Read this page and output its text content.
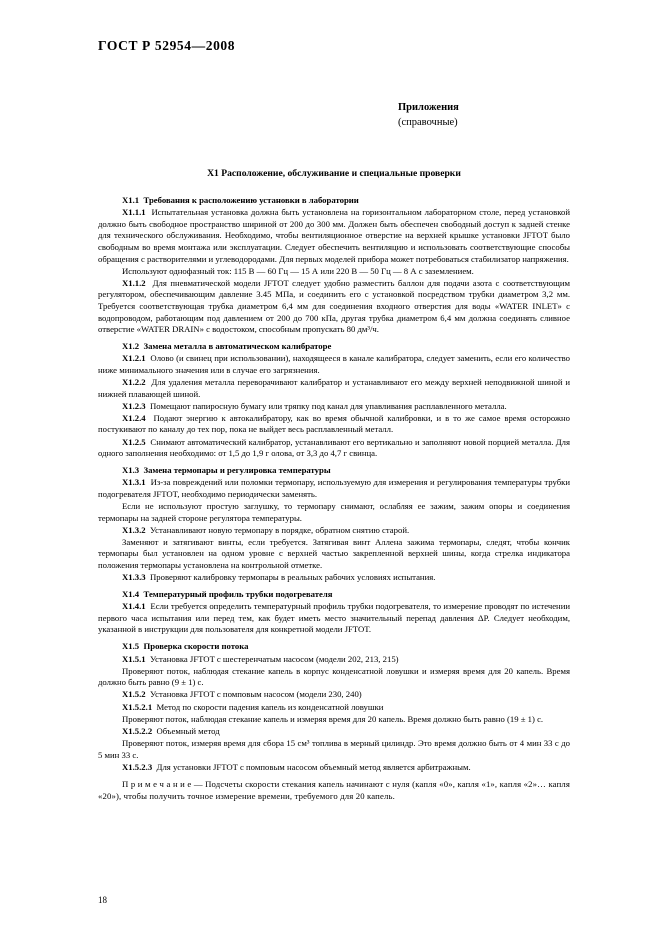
ГОСТ Р 52954—2008
Приложения
(справочные)
X1 Расположение, обслуживание и специальные проверки

X1.1 Требования к расположению установки в лаборатории

X1.1.1 Испытательная установка должна быть установлена на горизонтальном лабораторном столе, перед установкой должно быть свободное пространство шириной от 200 до 300 мм. Должен быть обеспечен свободный доступ к задней стенке для технического обслуживания. Необходимо, чтобы вентиляционное отверстие на верхней крышке установки JFTOT было свободным во время монтажа или эксплуатации. Следует обеспечить вентиляцию и использовать соответствующие способы обращения с растворителями и углеводородами. Для первых моделей прибора может потребоваться стабилизатор напряжения.

Используют однофазный ток: 115 В — 60 Гц — 15 А или 220 В — 50 Гц — 8 А с заземлением.

X1.1.2 Для пневматической модели JFTOT следует удобно разместить баллон для подачи азота с соответствующим регулятором, обеспечивающим давление 3.45 МПа, и соединить его с установкой посредством трубки диаметром 3,2 мм. Требуется соответствующая трубка диаметром 6,4 мм для соединения входного отверстия для воды «WATER INLET» с водопроводом, работающим под давлением от 200 до 700 кПа, другая трубка диаметром 6,4 мм должна соединять сливное отверстие «WATER DRAIN» с водостоком, способным пропускать 80 дм³/ч.

X1.2 Замена металла в автоматическом калибраторе

X1.2.1 Олово (и свинец при использовании), находящееся в канале калибратора, следует заменить, если его количество ниже минимального значения или в случае его загрязнения.

X1.2.2 Для удаления металла переворачивают калибратор и устанавливают его между верхней неподвижной шиной и нижней плавающей шиной.

X1.2.3 Помещают папиросную бумагу или тряпку под канал для упавливания расплавленного металла.

X1.2.4 Подают энергию к автокалибратору, как во время обычной калибровки, и в то же самое время осторожно постукивают по каналу до тех пор, пока не выйдет весь расплавленный металл.

X1.2.5 Снимают автоматический калибратор, устанавливают его вертикально и заполняют новой порцией металла. Для одного заполнения необходимо: от 1,5 до 1,9 г олова, от 3,3 до 4,7 г свинца.

X1.3 Замена термопары и регулировка температуры

X1.3.1 Из-за повреждений или поломки термопару, используемую для измерения и регулирования температуры трубки подогревателя JFTOT, необходимо периодически заменять.

Если не используют простую заглушку, то термопару снимают, ослабляя ее зажим, зажим опоры и соединения термопары на задней стороне регулятора температуры.

X1.3.2 Устанавливают новую термопару в порядке, обратном снятию старой.

Заменяют и затягивают винты, если требуется. Затягивая винт Аллена зажима термопары, следят, чтобы кончик термопары был установлен на одном уровне с верхней частью закрепленной верхней шины, когда стрелка индикатора положения термопары установлена на контрольной отметке.

X1.3.3 Проверяют калибровку термопары в реальных рабочих условиях испытания.

X1.4 Температурный профиль трубки подогревателя

X1.4.1 Если требуется определить температурный профиль трубки подогревателя, то измерение проводят по истечении первого часа испытания или перед тем, как будет иметь место значительный перепад давления ΔP. Следует необходим, указанной в инструкции для пользователя для конкретной модели JFTOT.

X1.5 Проверка скорости потока

X1.5.1 Установка JFTOT с шестеренчатым насосом (модели 202, 213, 215)

Проверяют поток, наблюдая стекание капель в корпус конденсатной ловушки и измеряя время для 20 капель. Время должно быть равно (9 ± 1) с.

X1.5.2 Установка JFTOT с помповым насосом (модели 230, 240)

X1.5.2.1 Метод по скорости падения капель из конденсатной ловушки

Проверяют поток, наблюдая стекание капель и измеряя время для 20 капель. Время должно быть равно (19 ± 1) с.

X1.5.2.2 Объемный метод

Проверяют поток, измеряя время для сбора 15 см³ топлива в мерный цилиндр. Это время должно быть от 4 мин 33 с до 5 мин 33 с.

X1.5.2.3 Для установки JFTOT с помповым насосом объемный метод является арбитражным.

П р и м е ч а н и е — Подсчеты скорости стекания капель начинают с нуля (капля «0», капля «1», капля «2»… капля «20»), чтобы получить точное измерение времени, требуемого для 20 капель.

18
